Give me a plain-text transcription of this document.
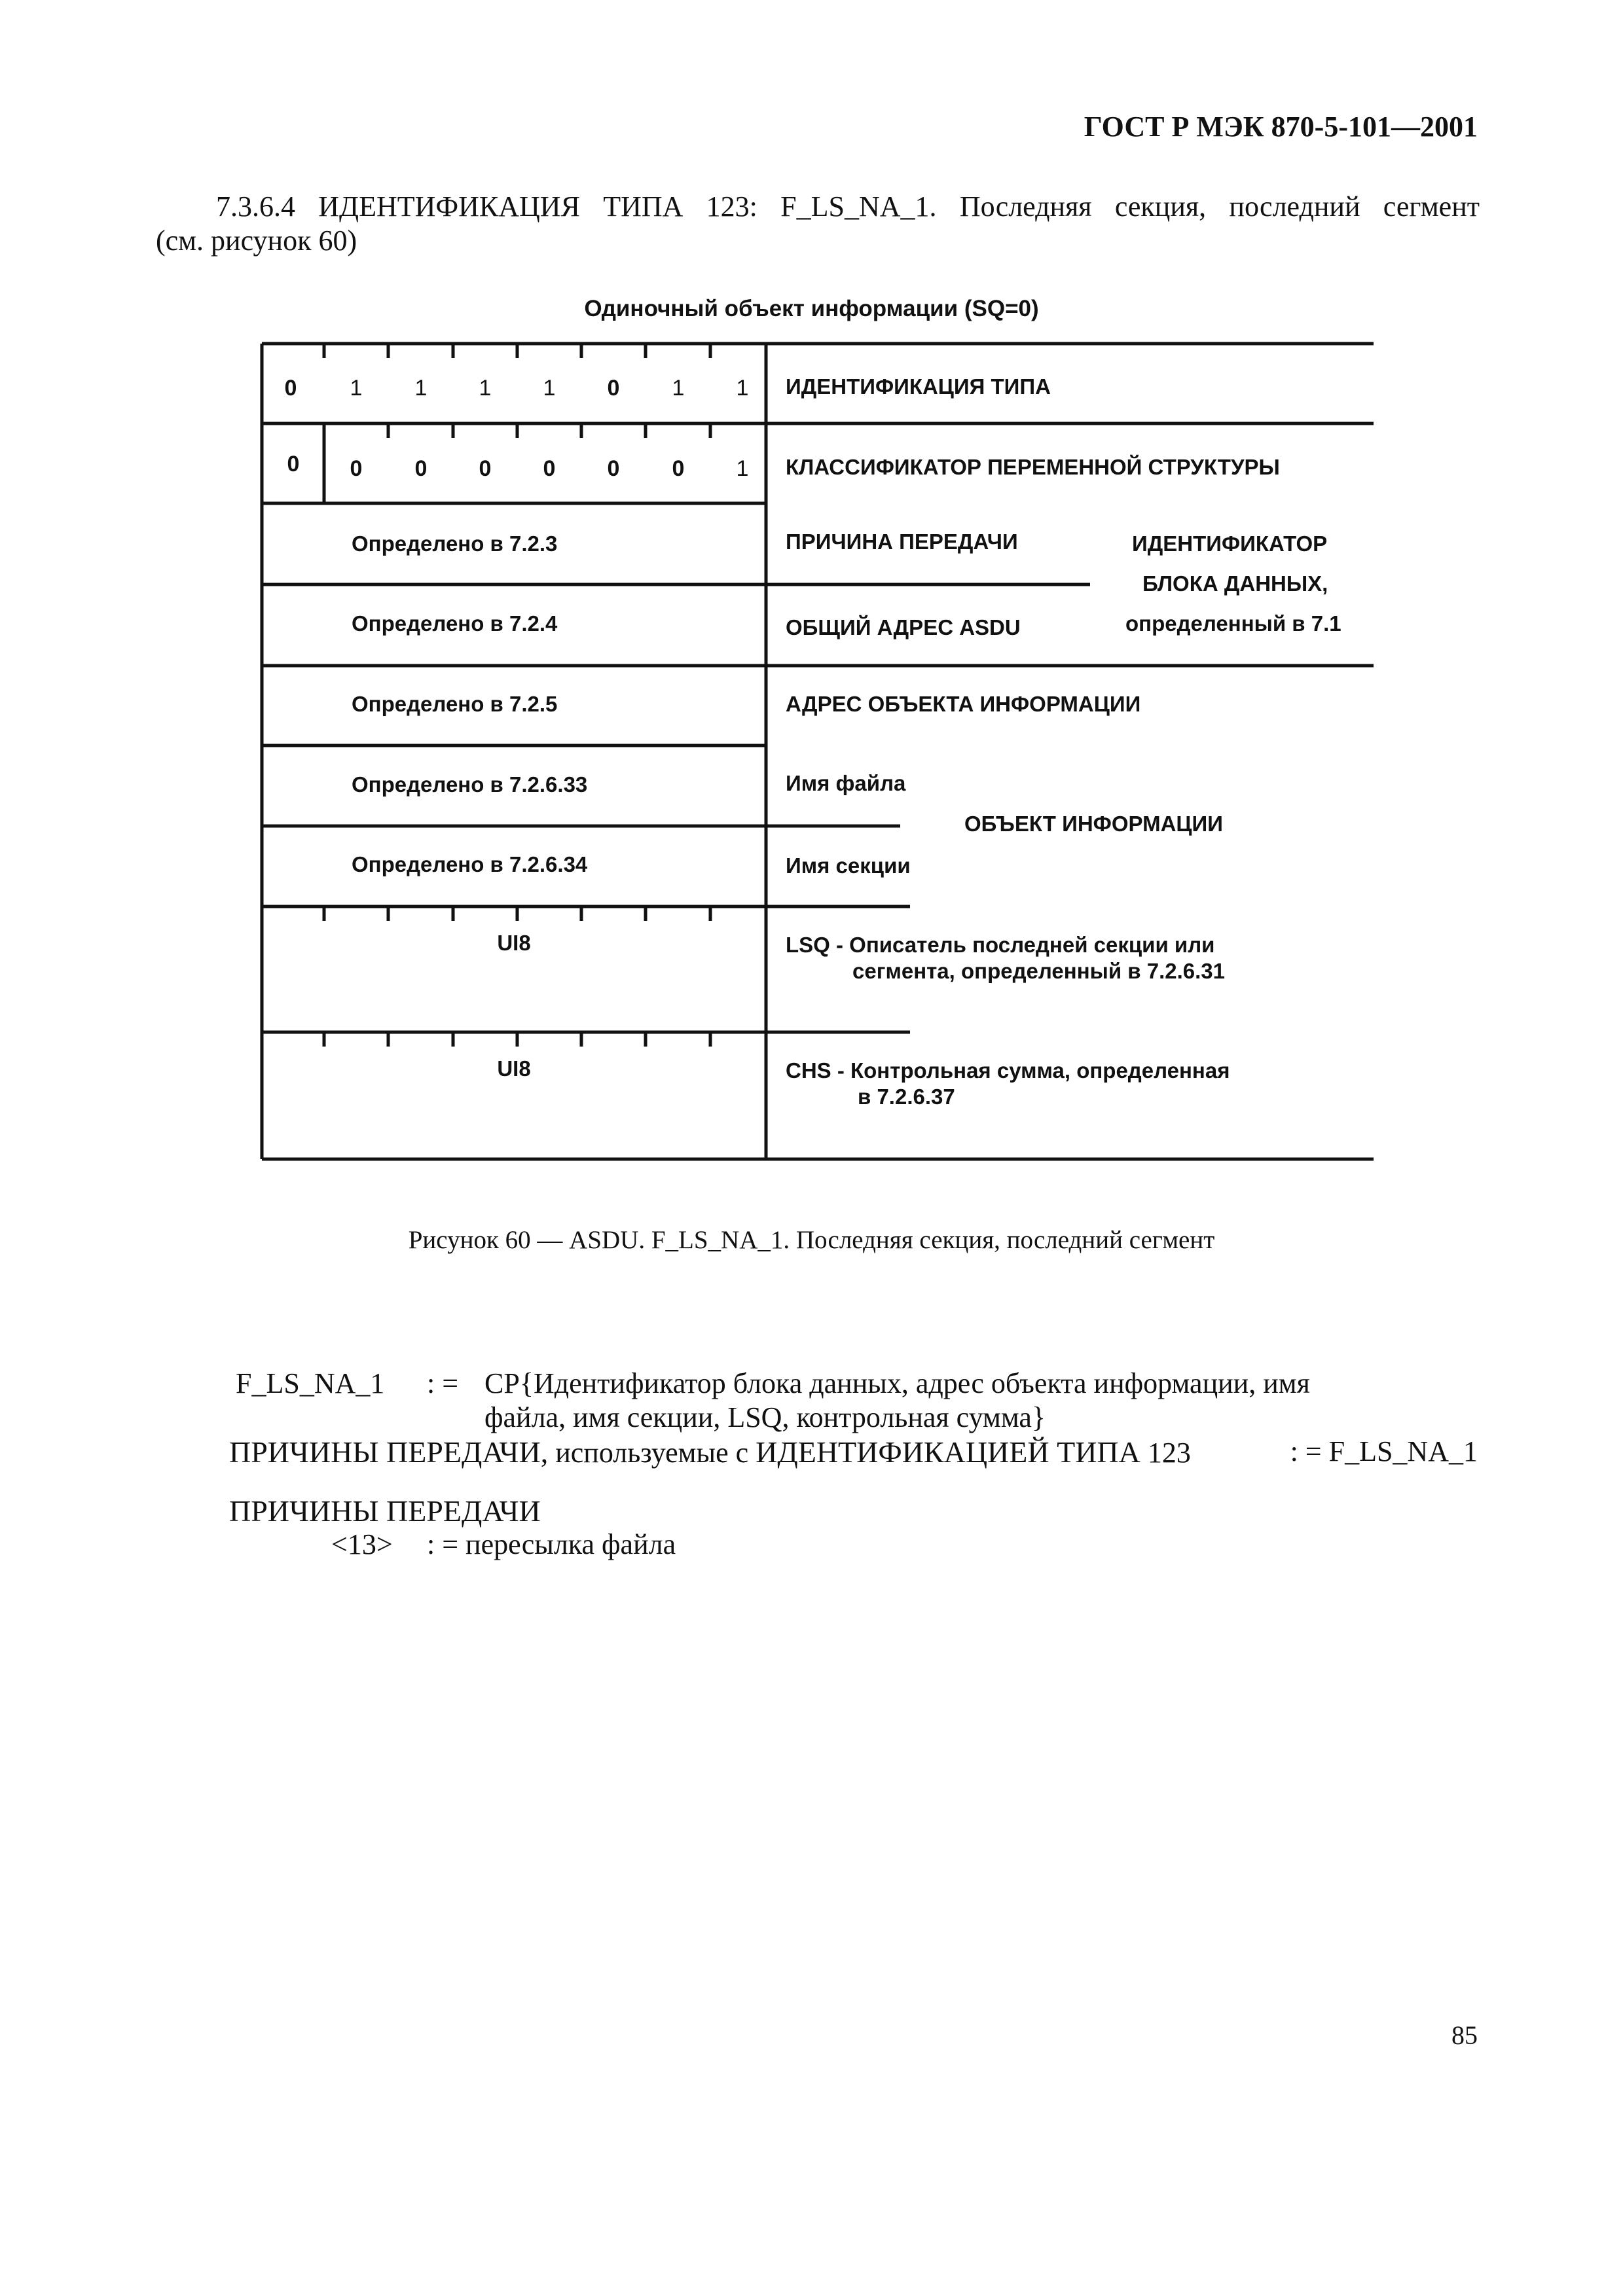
ГОСТ Р МЭК 870-5-101—2001
7.3.6.4 ИДЕНТИФИКАЦИЯ ТИПА 123: F_LS_NA_1. Последняя секция, последний сегмент
(см. рисунок 60)
Одиночный объект информации (SQ=0)
0 1 1 1 1 0 1 1 ИДЕНТИФИКАЦИЯ ТИПА
0 0 0 0 0 0 0 1 КЛАССИФИКАТОР ПЕРЕМЕННОЙ СТРУКТУРЫ
Определено в 7.2.3	ПРИЧИНА ПЕРЕДАЧИ	ИДЕНТИФИКАТОР
БЛОКА ДАННЫХ,
определенный в 7.1
Определено в 7.2.4	ОБЩИЙ АДРЕС ASDU
Определено в 7.2.5	АДРЕС ОБЪЕКТА ИНФОРМАЦИИ
Определено в 7.2.6.33	Имя файла
ОБЪЕКТ ИНФОРМАЦИИ
Определено в 7.2.6.34	Имя секции
UI8	LSQ - Описатель последней секции или
сегмента, определенный в 7.2.6.31
UI8	CHS - Контрольная сумма, определенная
в 7.2.6.37
Рисунок 60 — ASDU. F_LS_NA_1. Последняя секция, последний сегмент
F_LS_NA_1 : = CP{Идентификатор блока данных, адрес объекта информации, имя
файла, имя секции, LSQ, контрольная сумма}
ПРИЧИНЫ ПЕРЕДАЧИ, используемые с ИДЕНТИФИКАЦИЕЙ ТИПА 123	: = F_LS_NA_1
ПРИЧИНЫ ПЕРЕДАЧИ
<13> : = пересылка файла
85
